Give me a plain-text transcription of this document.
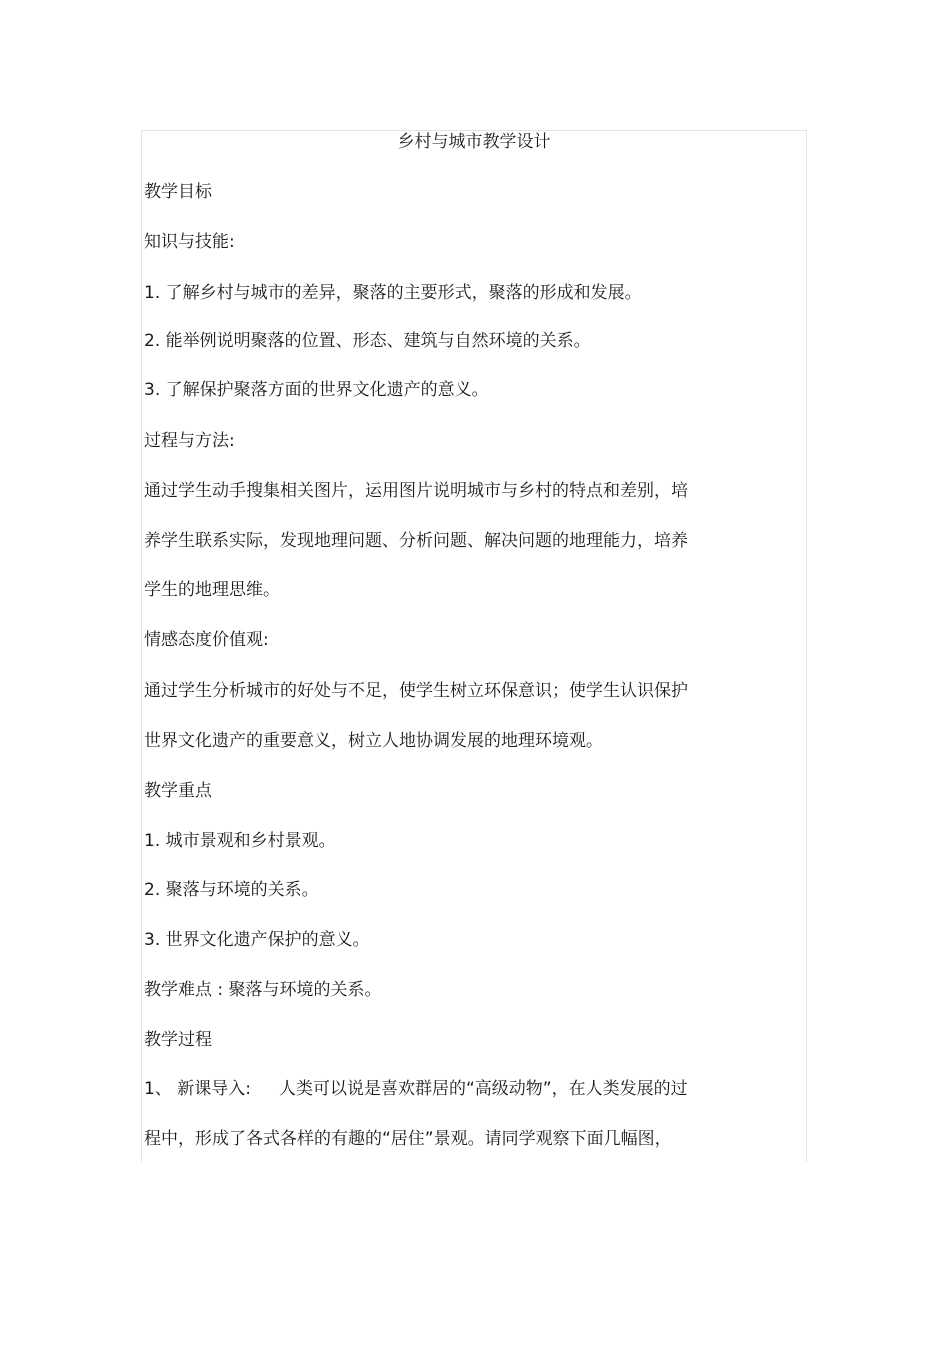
乡村与城市教学设计
教学目标
知识与技能:
1. 了解乡村与城市的差异，聚落的主要形式，聚落的形成和发展。
2. 能举例说明聚落的位置、形态、建筑与自然环境的关系。
3. 了解保护聚落方面的世界文化遗产的意义。
过程与方法:
通过学生动手搜集相关图片，运用图片说明城市与乡村的特点和差别，培
养学生联系实际，发现地理问题、分析问题、解决问题的地理能力，培养
学生的地理思维。
情感态度价值观:
通过学生分析城市的好处与不足，使学生树立环保意识；使学生认识保护
世界文化遗产的重要意义，树立人地协调发展的地理环境观。
教学重点
1. 城市景观和乡村景观。
2. 聚落与环境的关系。
3. 世界文化遗产保护的意义。
教学难点 : 聚落与环境的关系。
教学过程
1、 新课导入: 人类可以说是喜欢群居的“高级动物”，在人类发展的过
程中，形成了各式各样的有趣的“居住”景观。请同学观察下面几幅图，
